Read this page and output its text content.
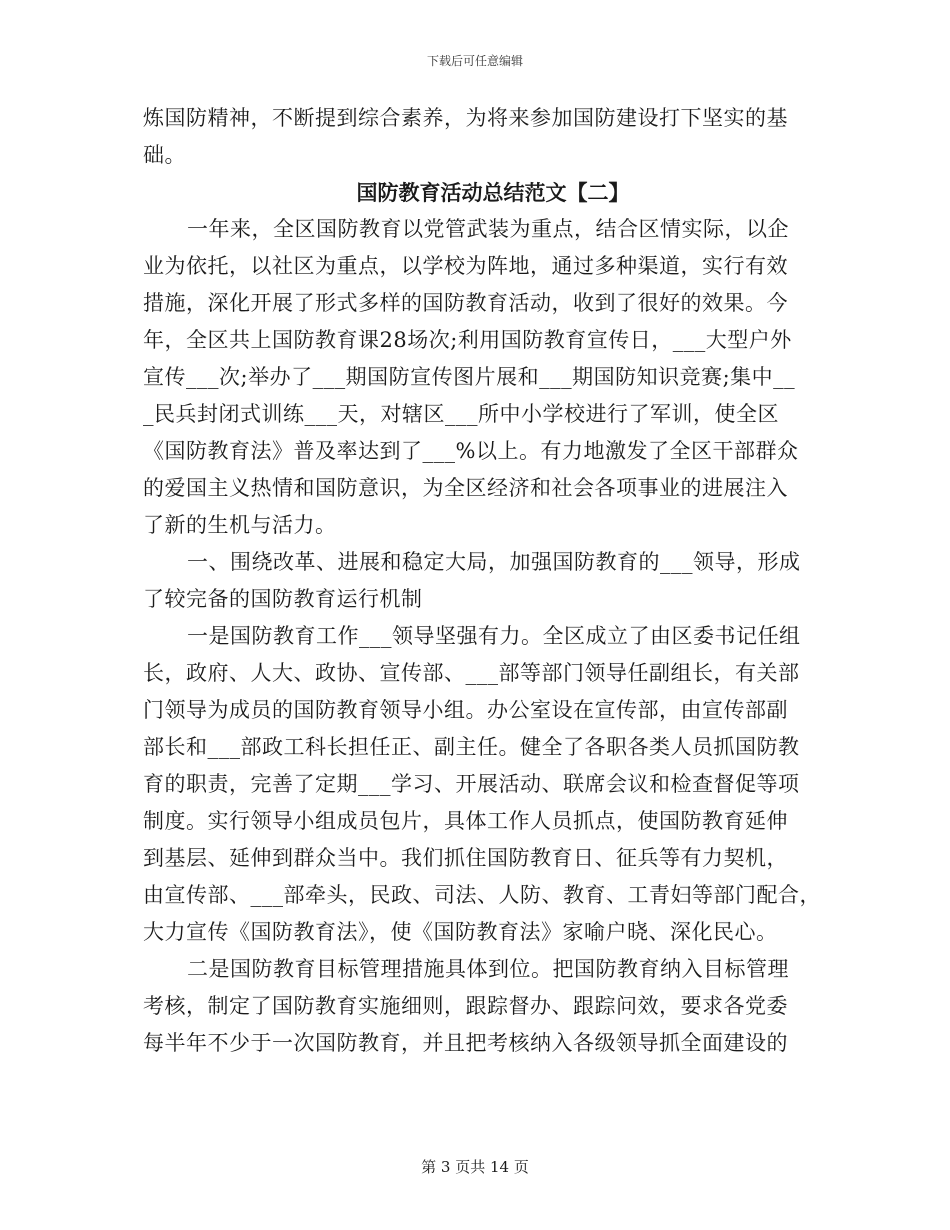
下载后可任意编辑
炼国防精神，不断提到综合素养，为将来参加国防建设打下坚实的基
础。
国防教育活动总结范文【二】
一年来，全区国防教育以党管武装为重点，结合区情实际，以企
业为依托，以社区为重点，以学校为阵地，通过多种渠道，实行有效
措施，深化开展了形式多样的国防教育活动，收到了很好的效果。今
年，全区共上国防教育课28场次;利用国防教育宣传日，___大型户外
宣传___次;举办了___期国防宣传图片展和___期国防知识竞赛;集中__
_民兵封闭式训练___天，对辖区___所中小学校进行了军训，使全区
《国防教育法》普及率达到了___%以上。有力地激发了全区干部群众
的爱国主义热情和国防意识，为全区经济和社会各项事业的进展注入
了新的生机与活力。
一、围绕改革、进展和稳定大局，加强国防教育的___领导，形成
了较完备的国防教育运行机制
一是国防教育工作___领导坚强有力。全区成立了由区委书记任组
长，政府、人大、政协、宣传部、___部等部门领导任副组长，有关部
门领导为成员的国防教育领导小组。办公室设在宣传部，由宣传部副
部长和___部政工科长担任正、副主任。健全了各职各类人员抓国防教
育的职责，完善了定期___学习、开展活动、联席会议和检查督促等项
制度。实行领导小组成员包片，具体工作人员抓点，使国防教育延伸
到基层、延伸到群众当中。我们抓住国防教育日、征兵等有力契机，
由宣传部、___部牵头，民政、司法、人防、教育、工青妇等部门配合，
大力宣传《国防教育法》，使《国防教育法》家喻户晓、深化民心。
二是国防教育目标管理措施具体到位。把国防教育纳入目标管理
考核，制定了国防教育实施细则，跟踪督办、跟踪问效，要求各党委
每半年不少于一次国防教育，并且把考核纳入各级领导抓全面建设的
第 3 页共 14 页
